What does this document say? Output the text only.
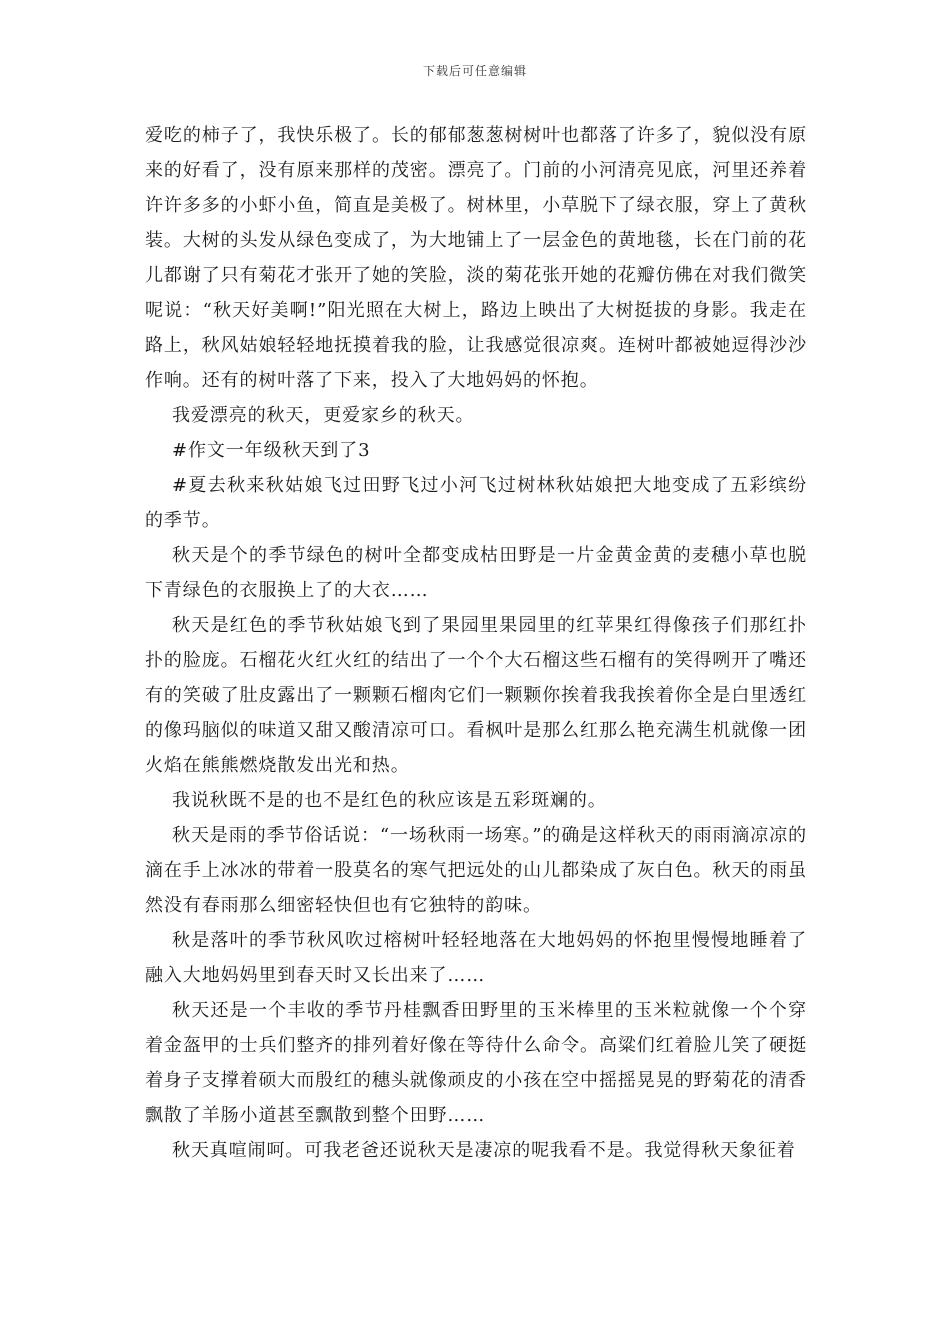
下载后可任意编辑

爱吃的柿子了，我快乐极了。长的郁郁葱葱树树叶也都落了许多了，貌似没有原来的好看了，没有原来那样的茂密。漂亮了。门前的小河清亮见底，河里还养着许许多多的小虾小鱼，简直是美极了。树林里，小草脱下了绿衣服，穿上了黄秋装。大树的头发从绿色变成了，为大地铺上了一层金色的黄地毯，长在门前的花儿都谢了只有菊花才张开了她的笑脸，淡的菊花张开她的花瓣仿佛在对我们微笑呢说：“秋天好美啊!”阳光照在大树上，路边上映出了大树挺拔的身影。我走在路上，秋风姑娘轻轻地抚摸着我的脸，让我感觉很凉爽。连树叶都被她逗得沙沙作响。还有的树叶落了下来，投入了大地妈妈的怀抱。

我爱漂亮的秋天，更爱家乡的秋天。

#作文一年级秋天到了3

#夏去秋来秋姑娘飞过田野飞过小河飞过树林秋姑娘把大地变成了五彩缤纷的季节。

秋天是个的季节绿色的树叶全都变成枯田野是一片金黄金黄的麦穗小草也脱下青绿色的衣服换上了的大衣……

秋天是红色的季节秋姑娘飞到了果园里果园里的红苹果红得像孩子们那红扑扑的脸庞。石榴花火红火红的结出了一个个大石榴这些石榴有的笑得咧开了嘴还有的笑破了肚皮露出了一颗颗石榴肉它们一颗颗你挨着我我挨着你全是白里透红的像玛脑似的味道又甜又酸清凉可口。看枫叶是那么红那么艳充满生机就像一团火焰在熊熊燃烧散发出光和热。

我说秋既不是的也不是红色的秋应该是五彩斑斓的。

秋天是雨的季节俗话说：“一场秋雨一场寒。”的确是这样秋天的雨雨滴凉凉的滴在手上冰冰的带着一股莫名的寒气把远处的山儿都染成了灰白色。秋天的雨虽然没有春雨那么细密轻快但也有它独特的韵味。

秋是落叶的季节秋风吹过榕树叶轻轻地落在大地妈妈的怀抱里慢慢地睡着了融入大地妈妈里到春天时又长出来了……

秋天还是一个丰收的季节丹桂飘香田野里的玉米棒里的玉米粒就像一个个穿着金盔甲的士兵们整齐的排列着好像在等待什么命令。高粱们红着脸儿笑了硬挺着身子支撑着硕大而殷红的穗头就像顽皮的小孩在空中摇摇晃晃的野菊花的清香飘散了羊肠小道甚至飘散到整个田野……

秋天真喧闹呵。可我老爸还说秋天是凄凉的呢我看不是。我觉得秋天象征着
